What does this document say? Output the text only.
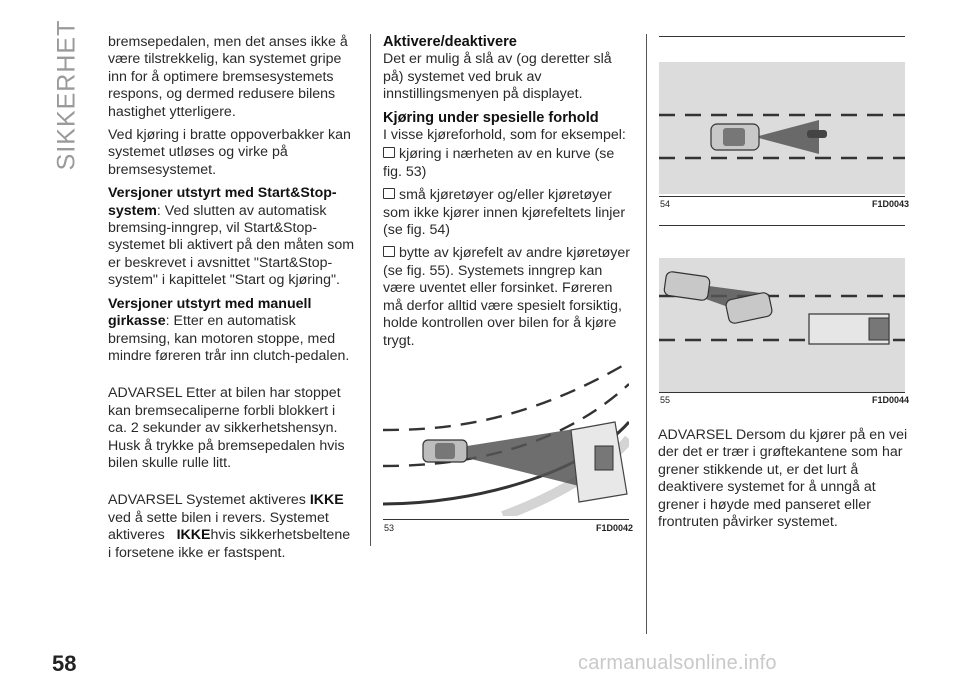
SIKKERHET bremsepedalen, men det anses ikke å være tilstrekkelig, kan systemet gripe inn for å optimere bremsesystemets respons, og dermed redusere bilens hastighet ytterligere.

Ved kjøring i bratte oppoverbakker kan systemet utløses og virke på bremsesystemet.

Versjoner utstyrt med Start&Stop-system: Ved slutten av automatisk bremsing-inngrep, vil Start&Stop-systemet bli aktivert på den måten som er beskrevet i avsnittet "Start&Stop-system" i kapittelet "Start og kjøring".

Versjoner utstyrt med manuell girkasse: Etter en automatisk bremsing, kan motoren stoppe, med mindre føreren trår inn clutch-pedalen.

ADVARSEL Etter at bilen har stoppet kan bremsecaliperne forbli blokkert i ca. 2 sekunder av sikkerhetshensyn. Husk å trykke på bremsepedalen hvis bilen skulle rulle litt.

ADVARSEL Systemet aktiveres IKKE
ved å sette bilen i revers. Systemet aktiveres   IKKEhvis sikkerhetsbeltene i forsetene ikke er fastspent.

Aktivere/deaktivere

Det er mulig å slå av (og deretter slå på) systemet ved bruk av innstillingsmenyen på displayet.

Kjøring under spesielle forhold

I visse kjøreforhold, som for eksempel:

kjøring i nærheten av en kurve (se fig. 53)

små kjøretøyer og/eller kjøretøyer som ikke kjører innen kjørefeltets linjer (se fig. 54)

bytte av kjørefelt av andre kjøretøyer (se fig. 55). Systemets inngrep kan være uventet eller forsinket. Føreren må derfor alltid være spesielt forsiktig, holde kontrollen over bilen for å kjøre trygt.

53	F1D0042
54	F1D0043
55	F1D0044

ADVARSEL Dersom du kjører på en vei der det er trær i grøftekantene som har grener stikkende ut, er det lurt å deaktivere systemet for å unngå at grener i høyde med panseret eller frontruten påvirker systemet.

58	carmanualsonline.info
